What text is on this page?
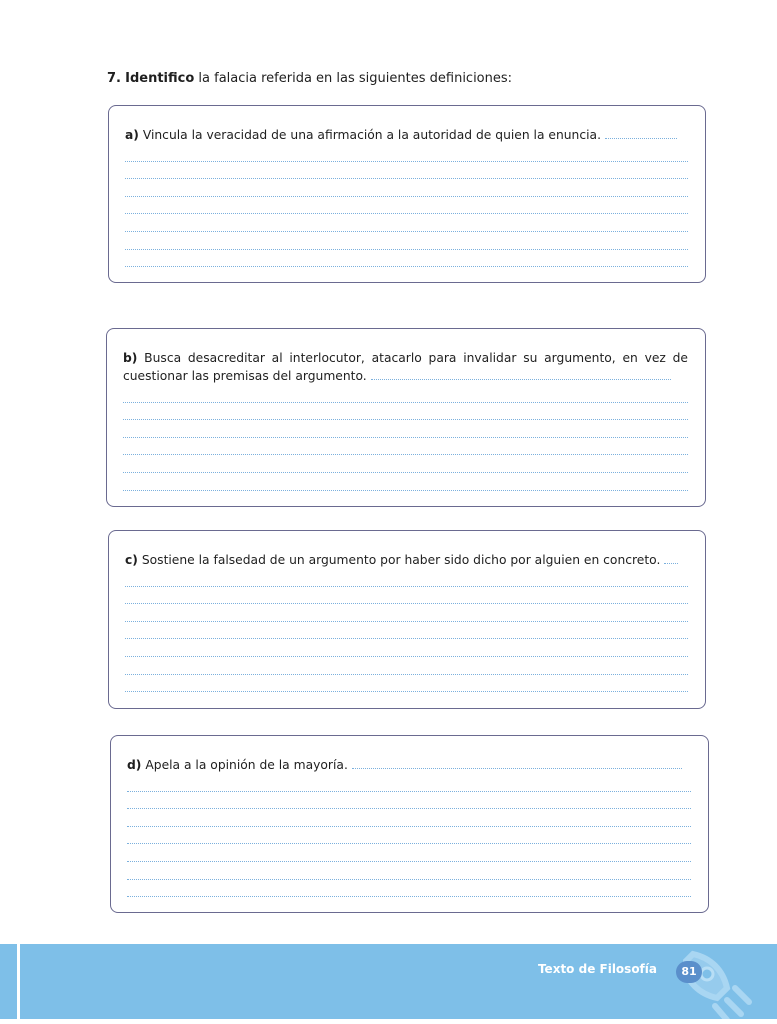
7. Identifico la falacia referida en las siguientes definiciones:

a) Vincula la veracidad de una afirmación a la autoridad de quien la enuncia.

b) Busca desacreditar al interlocutor, atacarlo para invalidar su argumento, en vez de cuestionar las premisas del argumento.

c) Sostiene la falsedad de un argumento por haber sido dicho por alguien en concreto.

d) Apela a la opinión de la mayoría.

Texto de Filosofía	81
